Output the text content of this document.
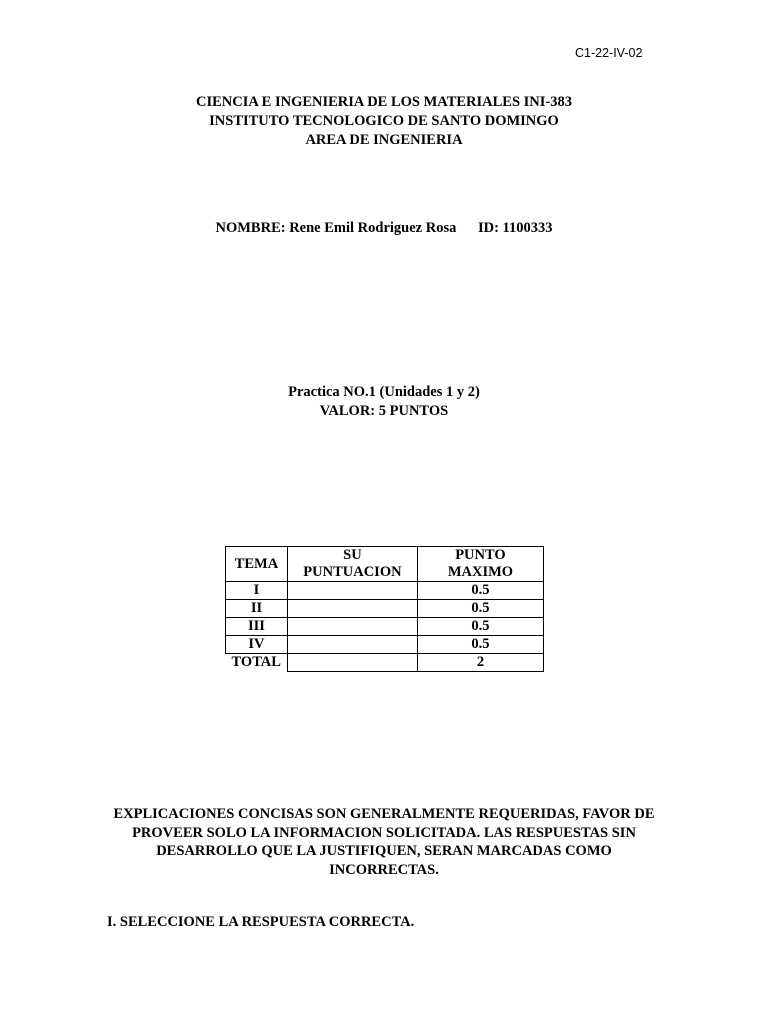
C1-22-IV-02
CIENCIA E INGENIERIA DE LOS MATERIALES INI-383
INSTITUTO TECNOLOGICO DE SANTO DOMINGO
AREA DE INGENIERIA
NOMBRE: Rene Emil Rodriguez Rosa ID: 1100333
Practica NO.1 (Unidades 1 y 2)
VALOR: 5 PUNTOS
TEMA	SU PUNTUACION	PUNTO MAXIMO
I		0.5
II		0.5
III		0.5
IV		0.5
TOTAL		2
EXPLICACIONES CONCISAS SON GENERALMENTE REQUERIDAS, FAVOR DE
PROVEER SOLO LA INFORMACION SOLICITADA. LAS RESPUESTAS SIN
DESARROLLO QUE LA JUSTIFIQUEN, SERAN MARCADAS COMO INCORRECTAS.
I. SELECCIONE LA RESPUESTA CORRECTA.
